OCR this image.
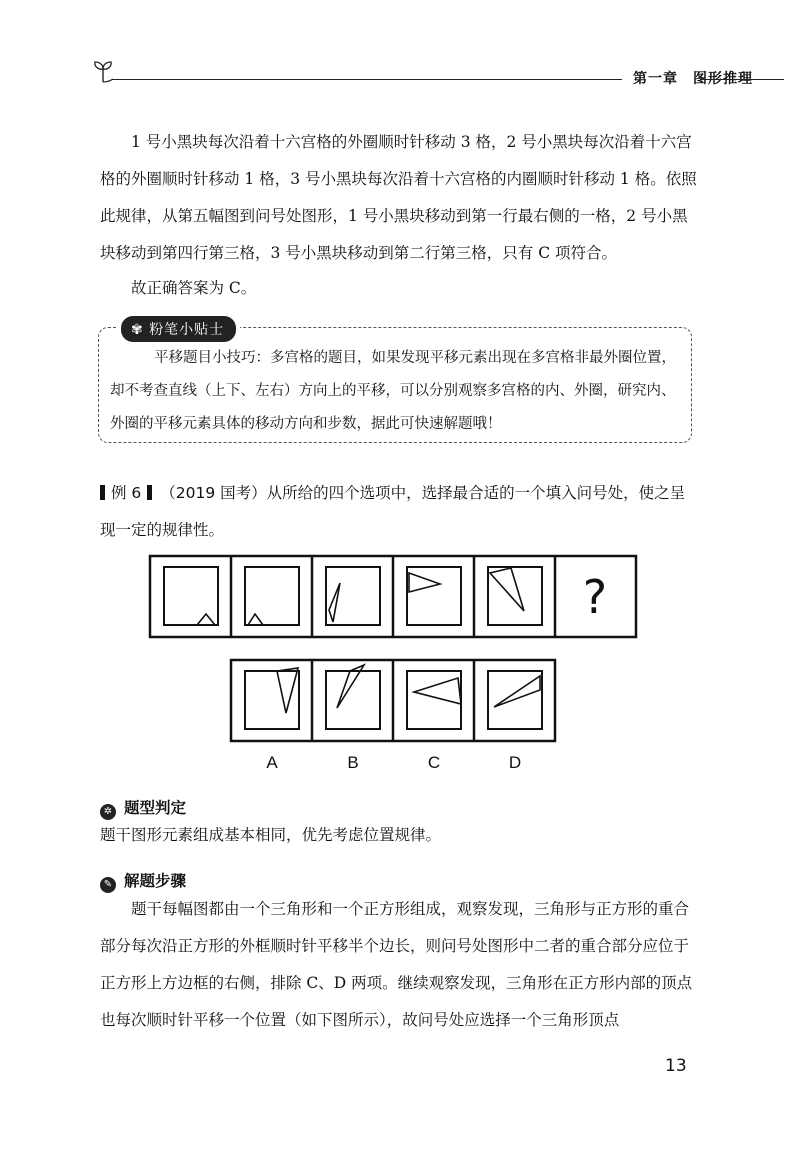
第一章　图形推理
1 号小黑块每次沿着十六宫格的外圈顺时针移动 3 格，2 号小黑块每次沿着十六宫格的外圈顺时针移动 1 格，3 号小黑块每次沿着十六宫格的内圈顺时针移动 1 格。依照此规律，从第五幅图到问号处图形，1 号小黑块移动到第一行最右侧的一格，2 号小黑块移动到第四行第三格，3 号小黑块移动到第二行第三格，只有 C 项符合。
故正确答案为 C。
✾ 粉笔小贴士
平移题目小技巧：多宫格的题目，如果发现平移元素出现在多宫格非最外圈位置，却不考查直线（上下、左右）方向上的平移，可以分别观察多宫格的内、外圈，研究内、外圈的平移元素具体的移动方向和步数，据此可快速解题哦！
例 6 （2019 国考）从所给的四个选项中，选择最合适的一个填入问号处，使之呈现一定的规律性。
?
A	B	C	D
✲ 题型判定
题干图形元素组成基本相同，优先考虑位置规律。
✎ 解题步骤
题干每幅图都由一个三角形和一个正方形组成，观察发现，三角形与正方形的重合部分每次沿正方形的外框顺时针平移半个边长，则问号处图形中二者的重合部分应位于正方形上方边框的右侧，排除 C、D 两项。继续观察发现，三角形在正方形内部的顶点也每次顺时针平移一个位置（如下图所示），故问号处应选择一个三角形顶点
13
